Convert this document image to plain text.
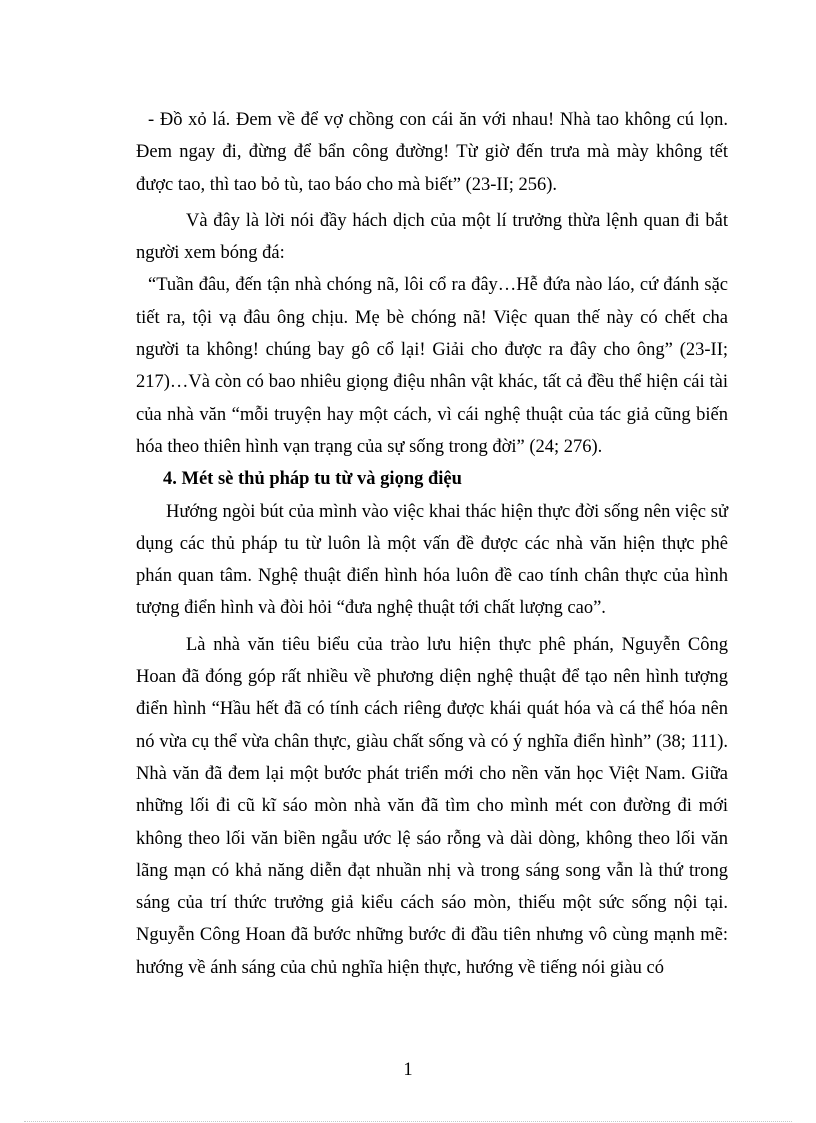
- Đồ xỏ lá. Đem về để vợ chồng con cái ăn với nhau! Nhà tao không cú lọn. Đem ngay đi, đừng để bẩn công đường! Từ giờ đến trưa mà mày không tết được tao, thì tao bỏ tù, tao báo cho mà biết” (23-II; 256).

Và đây là lời nói đầy hách dịch của một lí trưởng thừa lệnh quan đi bắt người xem bóng đá:

“Tuần đâu, đến tận nhà chóng nã, lôi cổ ra đây…Hễ đứa nào láo, cứ đánh sặc tiết ra, tội vạ đâu ông chịu. Mẹ bè chóng nã! Việc quan thế này có chết cha người ta không! chúng bay gô cổ lại! Giải cho được ra đây cho ông” (23-II; 217)…Và còn có bao nhiêu giọng điệu nhân vật khác, tất cả đều thể hiện cái tài của nhà văn “mỗi truyện hay một cách, vì cái nghệ thuật của tác giả cũng biến hóa theo thiên hình vạn trạng của sự sống trong đời” (24; 276).

4. Mét sè thủ pháp tu từ và giọng điệu

Hướng ngòi bút của mình vào việc khai thác hiện thực đời sống nên việc sử dụng các thủ pháp tu từ luôn là một vấn đề được các nhà văn hiện thực phê phán quan tâm. Nghệ thuật điển hình hóa luôn đề cao tính chân thực của hình tượng điển hình và đòi hỏi “đưa nghệ thuật tới chất lượng cao”.

Là nhà văn tiêu biểu của trào lưu hiện thực phê phán, Nguyễn Công Hoan đã đóng góp rất nhiều về phương diện nghệ thuật để tạo nên hình tượng điển hình “Hầu hết đã có tính cách riêng được khái quát hóa và cá thể hóa nên nó vừa cụ thể vừa chân thực, giàu chất sống và có ý nghĩa điển hình” (38; 111). Nhà văn đã đem lại một bước phát triển mới cho nền văn học Việt Nam. Giữa những lối đi cũ kĩ sáo mòn nhà văn đã tìm cho mình mét con đường đi mới không theo lối văn biền ngẫu ước lệ sáo rỗng và dài dòng, không theo lối văn lãng mạn có khả năng diễn đạt nhuần nhị và trong sáng song vẫn là thứ trong sáng của trí thức trưởng giả kiểu cách sáo mòn, thiếu một sức sống nội tại. Nguyễn Công Hoan đã bước những bước đi đầu tiên nhưng vô cùng mạnh mẽ: hướng về ánh sáng của chủ nghĩa hiện thực, hướng về tiếng nói giàu có

1
